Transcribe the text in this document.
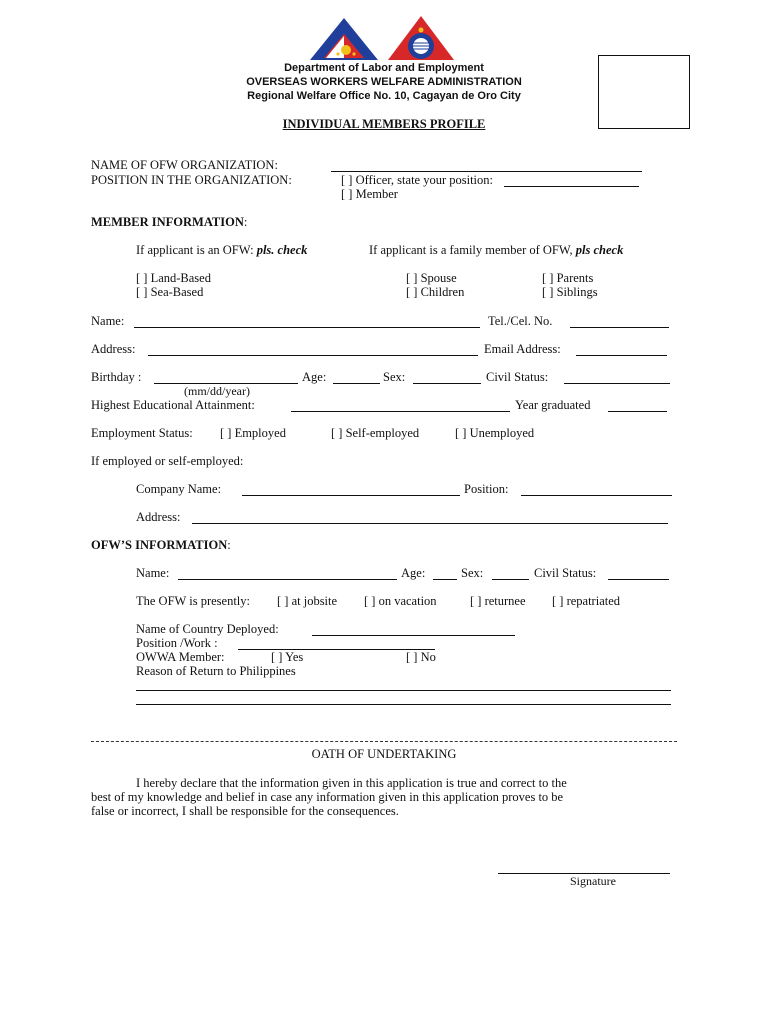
Department of Labor and Employment
OVERSEAS WORKERS WELFARE ADMINISTRATION
Regional Welfare Office No. 10, Cagayan de Oro City
INDIVIDUAL MEMBERS PROFILE
NAME OF OFW ORGANIZATION:
POSITION IN THE ORGANIZATION:	[ ] Officer, state your position:
[ ] Member
MEMBER INFORMATION:
If applicant is an OFW: pls. check	If applicant is a family member of OFW, pls check
[ ] Land-Based
[ ] Sea-Based
[ ] Spouse
[ ] Children
[ ] Parents
[ ] Siblings
Name:	Tel./Cel. No.
Address:	Email Address:
Birthday :
(mm/dd/year)
Age:	Sex:	Civil Status:
Highest Educational Attainment:	Year graduated
Employment Status: [ ] Employed	[ ] Self-employed	[ ] Unemployed
If employed or self-employed:
Company Name:	Position:
Address:
OFW’S INFORMATION:
Name:	Age:	Sex:	Civil Status:
The OFW is presently: [ ] at jobsite [ ] on vacation	[ ] returnee [ ] repatriated
Name of Country Deployed:
Position /Work :
OWWA Member:	[ ] Yes	[ ] No
Reason of Return to Philippines
OATH OF UNDERTAKING
I hereby declare that the information given in this application is true and correct to the
best of my knowledge and belief in case any information given in this application proves to be
false or incorrect, I shall be responsible for the consequences.
Signature
